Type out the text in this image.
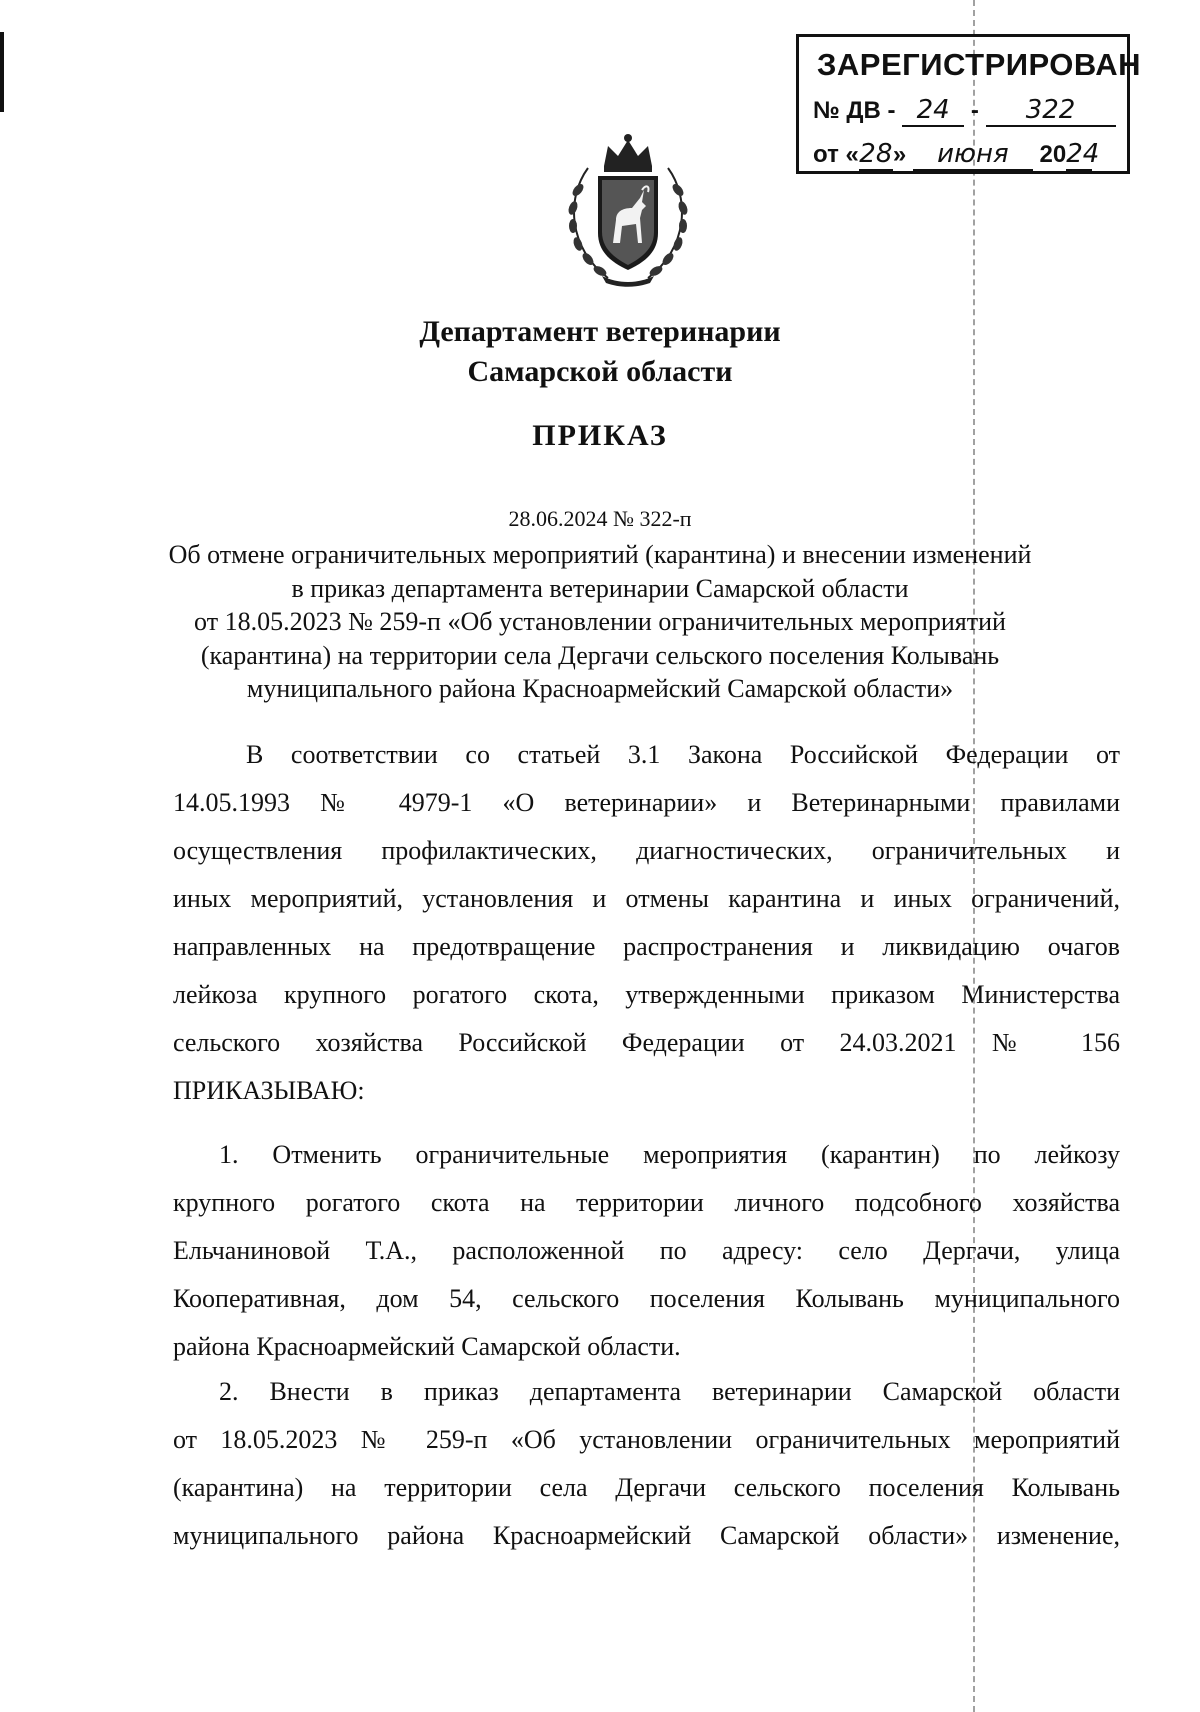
ЗАРЕГИСТРИРОВАН
№ ДВ - 24 - 322
от «28» июня 2024
Департамент ветеринарии
Самарской области
ПРИКАЗ
28.06.2024 № 322-п
Об отмене ограничительных мероприятий (карантина) и внесении изменений
в приказ департамента ветеринарии Самарской области
от 18.05.2023 № 259-п «Об установлении ограничительных мероприятий
(карантина) на территории села Дергачи сельского поселения Колывань
муниципального района Красноармейский Самарской области»
В соответствии со статьей 3.1 Закона Российской Федерации от
14.05.1993 № 4979-1 «О ветеринарии» и Ветеринарными правилами
осуществления профилактических, диагностических, ограничительных и
иных мероприятий, установления и отмены карантина и иных ограничений,
направленных на предотвращение распространения и ликвидацию очагов
лейкоза крупного рогатого скота, утвержденными приказом Министерства
сельского хозяйства Российской Федерации от 24.03.2021 № 156
ПРИКАЗЫВАЮ:
1. Отменить ограничительные мероприятия (карантин) по лейкозу
крупного рогатого скота на территории личного подсобного хозяйства
Ельчаниновой Т.А., расположенной по адресу: село Дергачи, улица
Кооперативная, дом 54, сельского поселения Колывань муниципального
района Красноармейский Самарской области.
2. Внести в приказ департамента ветеринарии Самарской области
от 18.05.2023 № 259-п «Об установлении ограничительных мероприятий
(карантина) на территории села Дергачи сельского поселения Колывань
муниципального района Красноармейский Самарской области» изменение,
